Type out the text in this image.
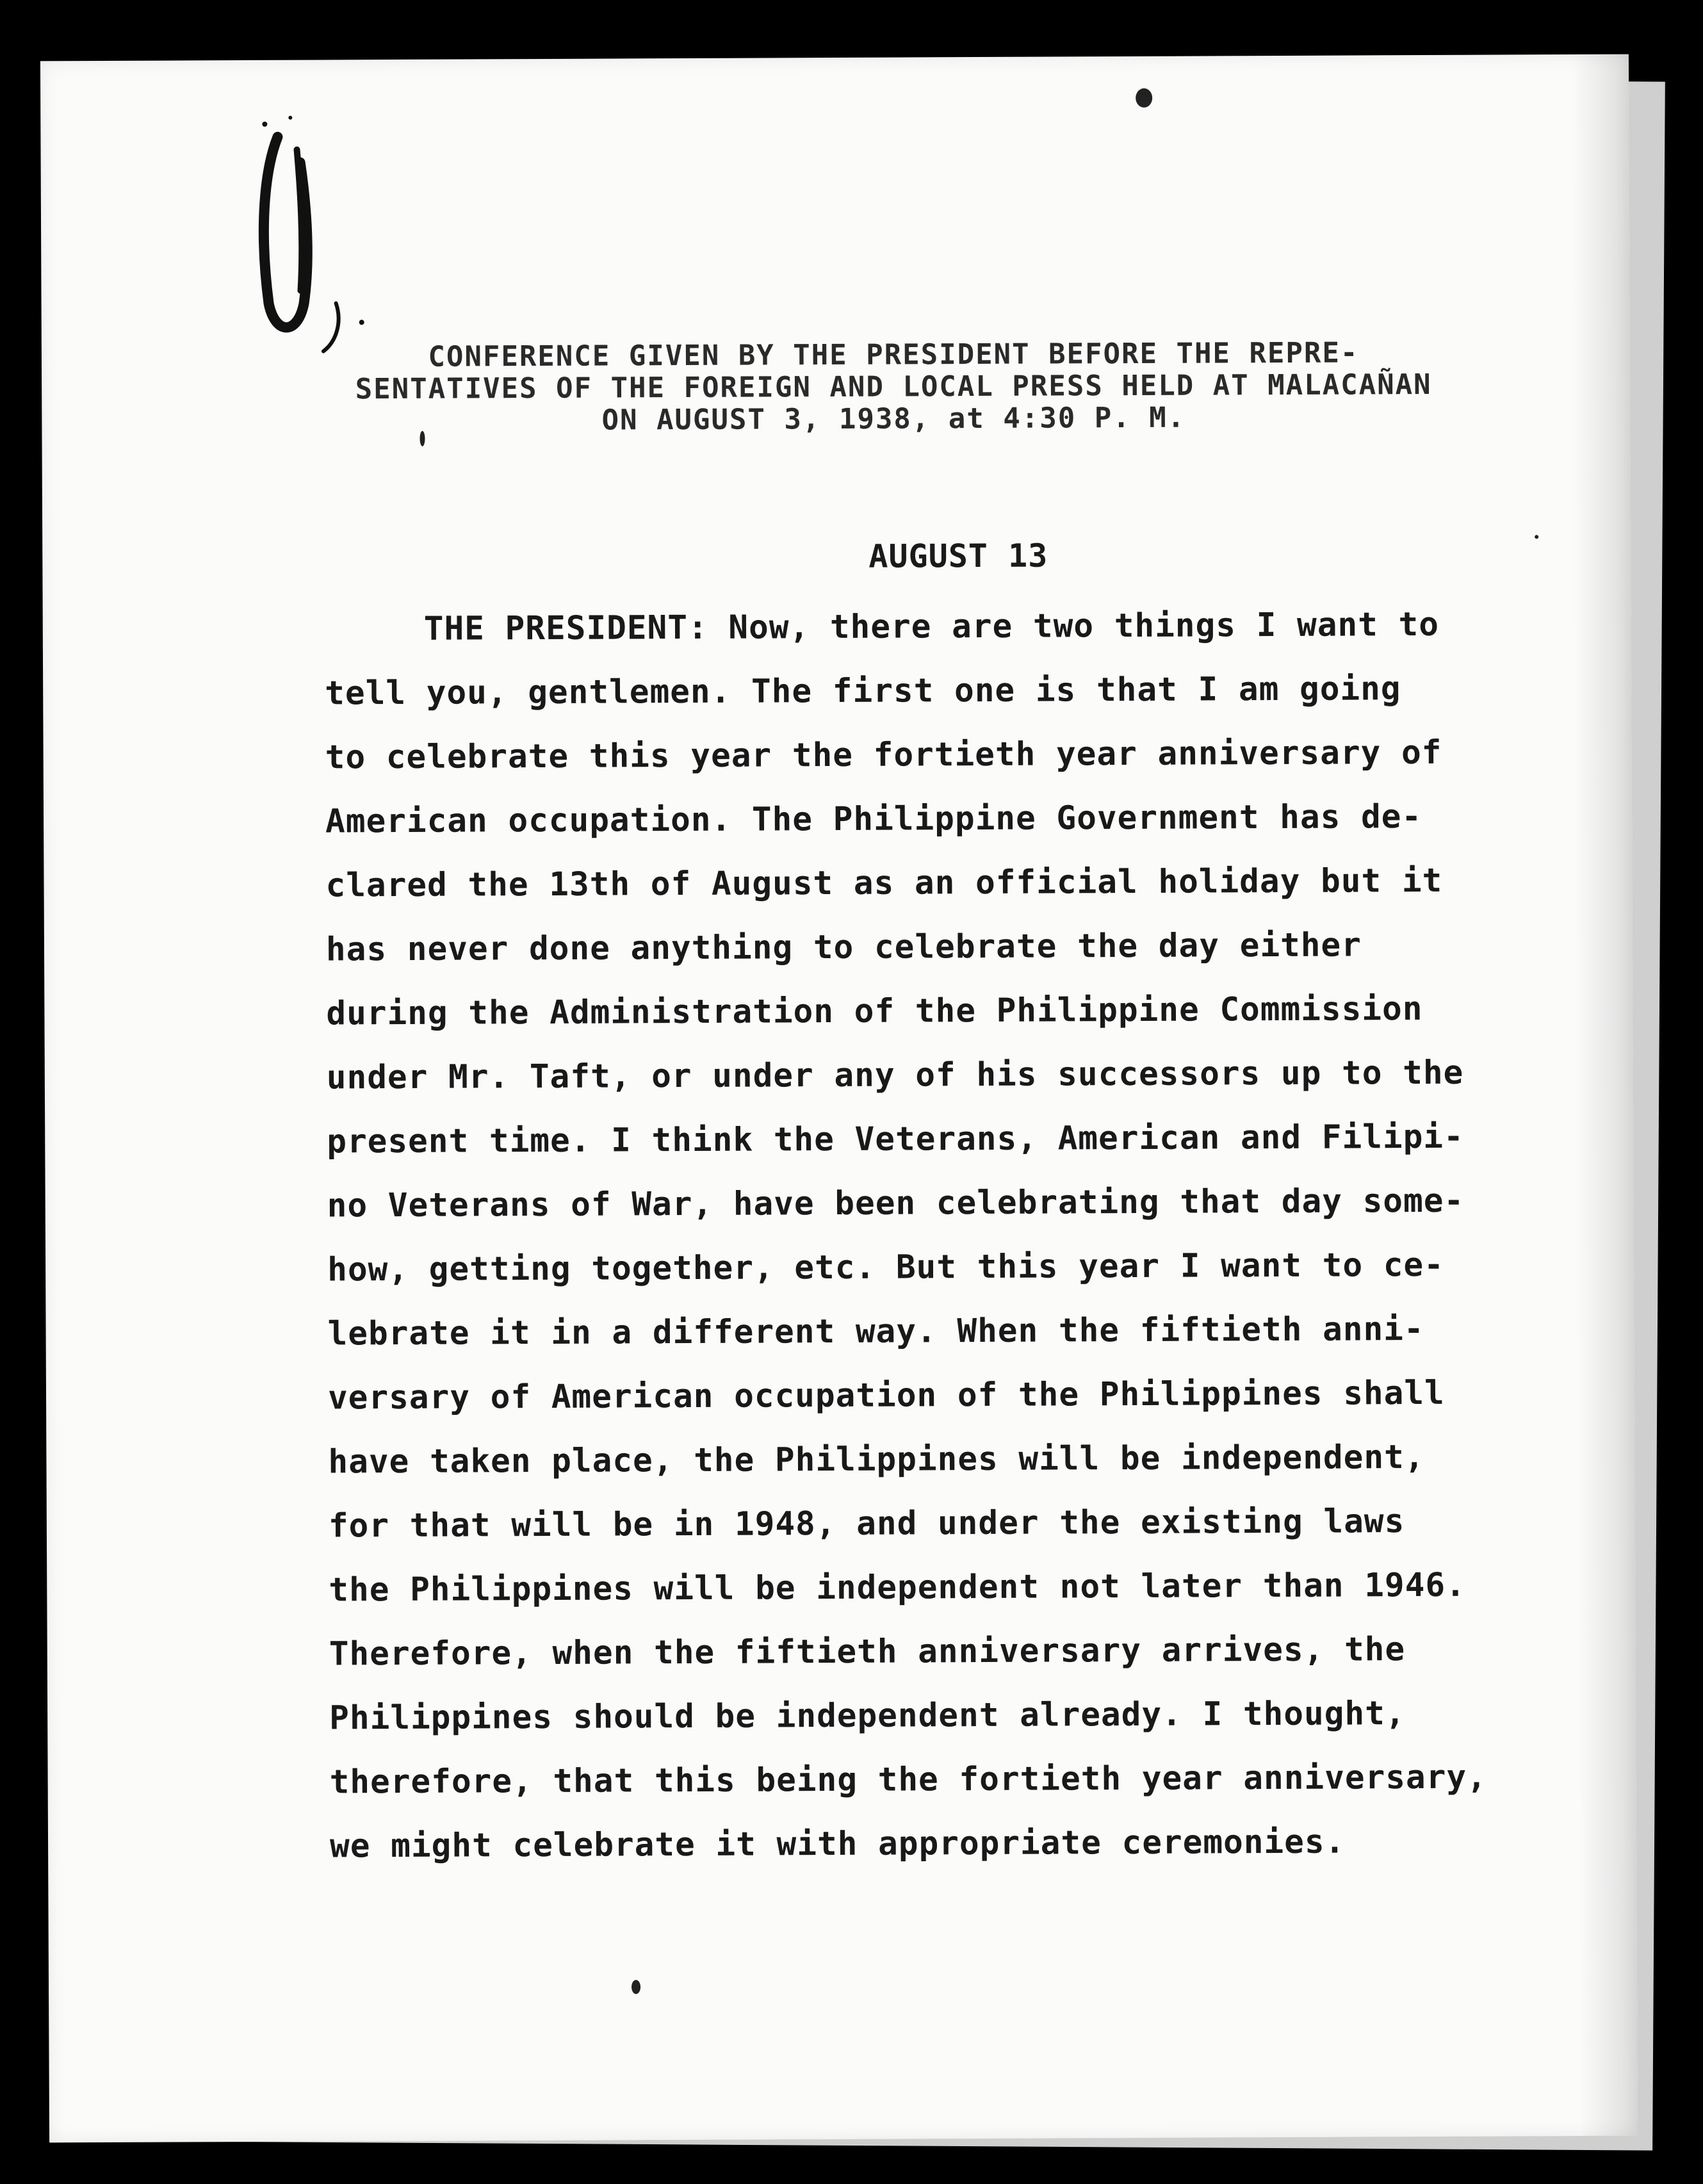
CONFERENCE GIVEN BY THE PRESIDENT BEFORE THE REPRE-
SENTATIVES OF THE FOREIGN AND LOCAL PRESS HELD AT MALACAÑAN
ON AUGUST 3, 1938, at 4:30 P. M.
AUGUST 13
THE PRESIDENT: Now, there are two things I want to
tell you, gentlemen. The first one is that I am going
to celebrate this year the fortieth year anniversary of
American occupation. The Philippine Government has de-
clared the 13th of August as an official holiday but it
has never done anything to celebrate the day either
during the Administration of the Philippine Commission
under Mr. Taft, or under any of his successors up to the
present time. I think the Veterans, American and Filipi-
no Veterans of War, have been celebrating that day some-
how, getting together, etc. But this year I want to ce-
lebrate it in a different way. When the fiftieth anni-
versary of American occupation of the Philippines shall
have taken place, the Philippines will be independent,
for that will be in 1948, and under the existing laws
the Philippines will be independent not later than 1946.
Therefore, when the fiftieth anniversary arrives, the
Philippines should be independent already. I thought,
therefore, that this being the fortieth year anniversary,
we might celebrate it with appropriate ceremonies.
